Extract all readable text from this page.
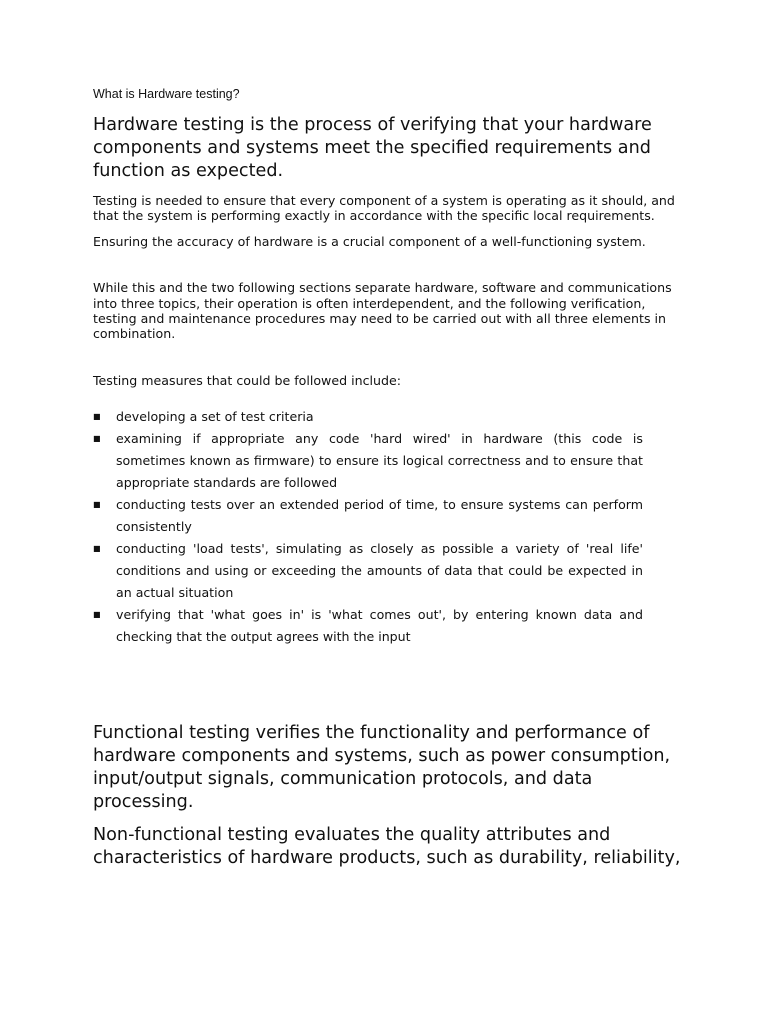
What is Hardware testing?
Hardware testing is the process of verifying that your hardware components and systems meet the specified requirements and function as expected.
Testing is needed to ensure that every component of a system is operating as it should, and that the system is performing exactly in accordance with the specific local requirements.
Ensuring the accuracy of hardware is a crucial component of a well-functioning system.
While this and the two following sections separate hardware, software and communications into three topics, their operation is often interdependent, and the following verification, testing and maintenance procedures may need to be carried out with all three elements in combination.
Testing measures that could be followed include:
■ developing a set of test criteria
■ examining if appropriate any code 'hard wired' in hardware (this code is sometimes known as firmware) to ensure its logical correctness and to ensure that appropriate standards are followed
■ conducting tests over an extended period of time, to ensure systems can perform consistently
■ conducting 'load tests', simulating as closely as possible a variety of 'real life' conditions and using or exceeding the amounts of data that could be expected in an actual situation
■ verifying that 'what goes in' is 'what comes out', by entering known data and checking that the output agrees with the input
Functional testing verifies the functionality and performance of hardware components and systems, such as power consumption, input/output signals, communication protocols, and data processing.
Non-functional testing evaluates the quality attributes and characteristics of hardware products, such as durability, reliability,
